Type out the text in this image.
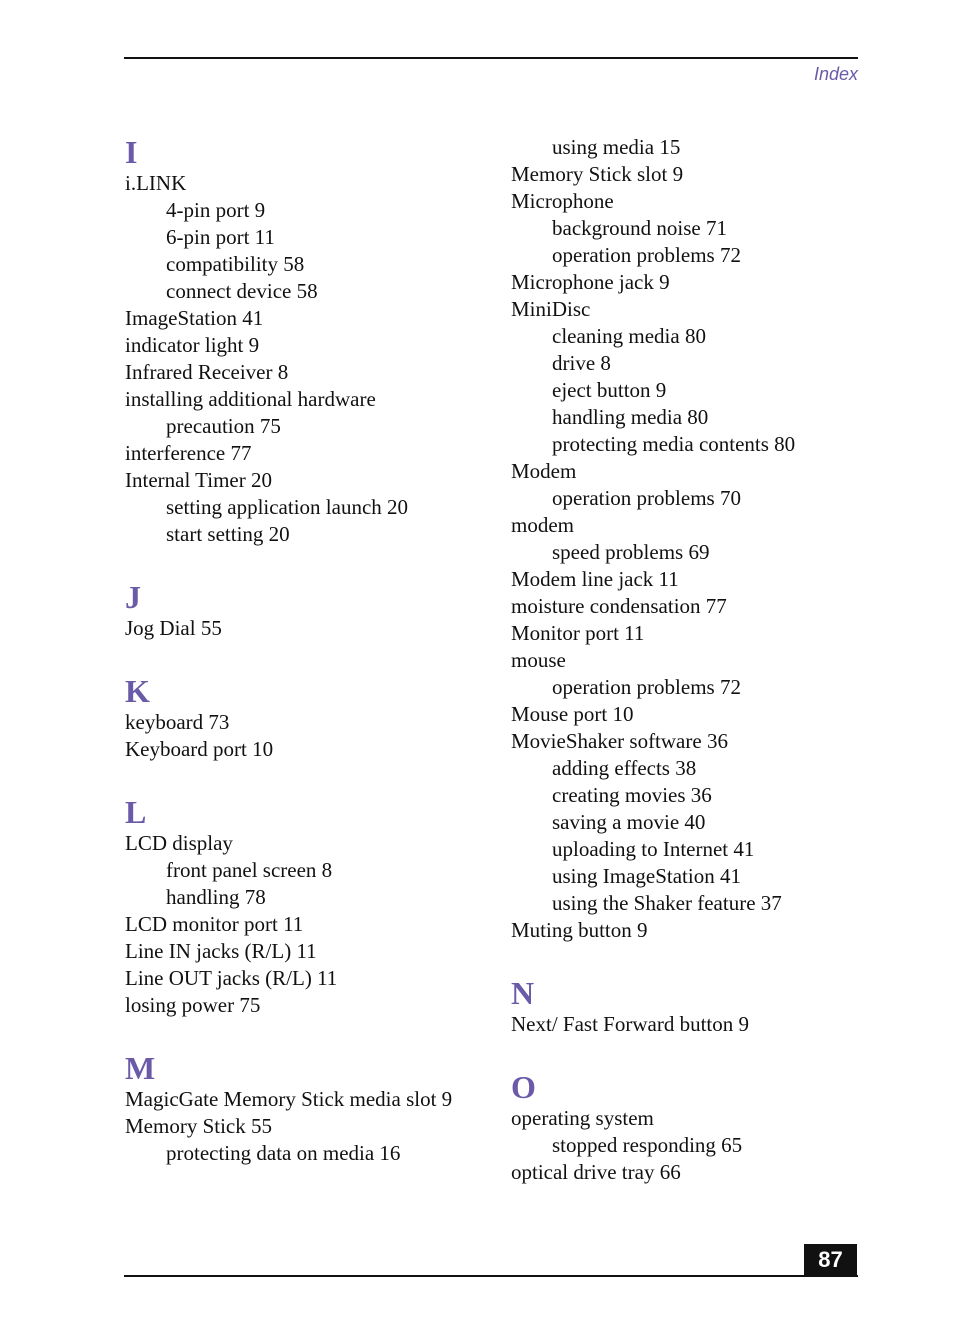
Index
I
i.LINK
4-pin port 9
6-pin port 11
compatibility 58
connect device 58
ImageStation 41
indicator light 9
Infrared Receiver 8
installing additional hardware
precaution 75
interference 77
Internal Timer 20
setting application launch 20
start setting 20
J
Jog Dial 55
K
keyboard 73
Keyboard port 10
L
LCD display
front panel screen 8
handling 78
LCD monitor port 11
Line IN jacks (R/L) 11
Line OUT jacks (R/L) 11
losing power 75
M
MagicGate Memory Stick media slot 9
Memory Stick 55
protecting data on media 16
using media 15
Memory Stick slot 9
Microphone
background noise 71
operation problems 72
Microphone jack 9
MiniDisc
cleaning media 80
drive 8
eject button 9
handling media 80
protecting media contents 80
Modem
operation problems 70
modem
speed problems 69
Modem line jack 11
moisture condensation 77
Monitor port 11
mouse
operation problems 72
Mouse port 10
MovieShaker software 36
adding effects 38
creating movies 36
saving a movie 40
uploading to Internet 41
using ImageStation 41
using the Shaker feature 37
Muting button 9
N
Next/ Fast Forward button 9
O
operating system
stopped responding 65
optical drive tray 66
87
